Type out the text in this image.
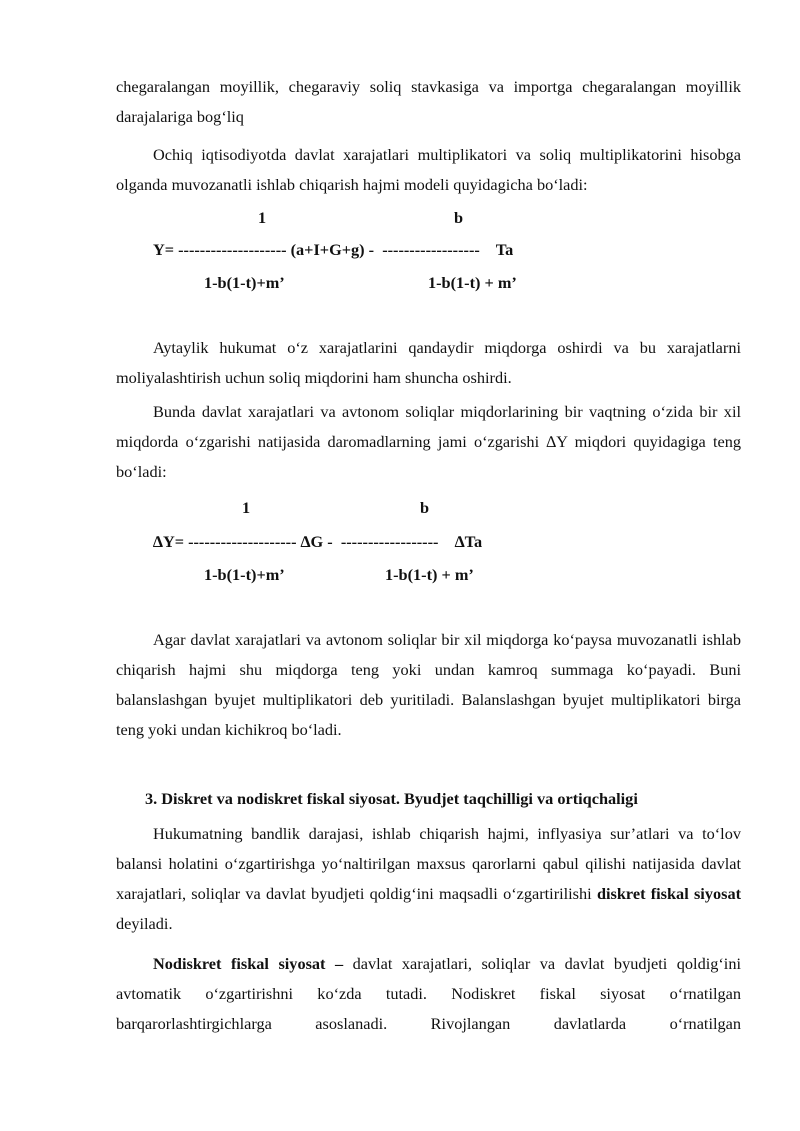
chegaralangan moyillik, chegaraviy soliq stavkasiga va importga chegaralangan moyillik darajalariga bog‘liq

Ochiq iqtisodiyotda davlat xarajatlari multiplikatori va soliq multiplikatorini hisobga olganda muvozanatli ishlab chiqarish hajmi modeli quyidagicha bo‘ladi:

1	b
Y= -------------------- (a+I+G+g) -  ------------------    Ta
1-b(1-t)+m’	1-b(1-t) + m’

Aytaylik hukumat o‘z xarajatlarini qandaydir miqdorga oshirdi va bu xarajatlarni moliyalashtirish uchun soliq miqdorini ham shuncha oshirdi.

Bunda davlat xarajatlari va avtonom soliqlar miqdorlarining bir vaqtning o‘zida bir xil miqdorda o‘zgarishi natijasida daromadlarning jami o‘zgarishi ∆Y miqdori quyidagiga teng bo‘ladi:

1	b
∆Y= -------------------- ∆G -  ------------------    ∆Ta
1-b(1-t)+m’	1-b(1-t) + m’

Agar davlat xarajatlari va avtonom soliqlar bir xil miqdorga ko‘paysa muvozanatli ishlab chiqarish hajmi shu miqdorga teng yoki undan kamroq summaga ko‘payadi. Buni balanslashgan byujet multiplikatori deb yuritiladi. Balanslashgan byujet multiplikatori birga teng yoki undan kichikroq bo‘ladi.

3. Diskret va nodiskret fiskal siyosat. Byudjet taqchilligi va ortiqchaligi

Hukumatning bandlik darajasi, ishlab chiqarish hajmi, inflyasiya sur’atlari va to‘lov balansi holatini o‘zgartirishga yo‘naltirilgan maxsus qarorlarni qabul qilishi natijasida davlat xarajatlari, soliqlar va davlat byudjeti qoldig‘ini maqsadli o‘zgartirilishi diskret fiskal siyosat deyiladi.

Nodiskret fiskal siyosat – davlat xarajatlari, soliqlar va davlat byudjeti qoldig‘ini avtomatik o‘zgartirishni ko‘zda tutadi. Nodiskret fiskal siyosat o‘rnatilgan barqarorlashtirgichlarga asoslanadi. Rivojlangan davlatlarda o‘rnatilgan
